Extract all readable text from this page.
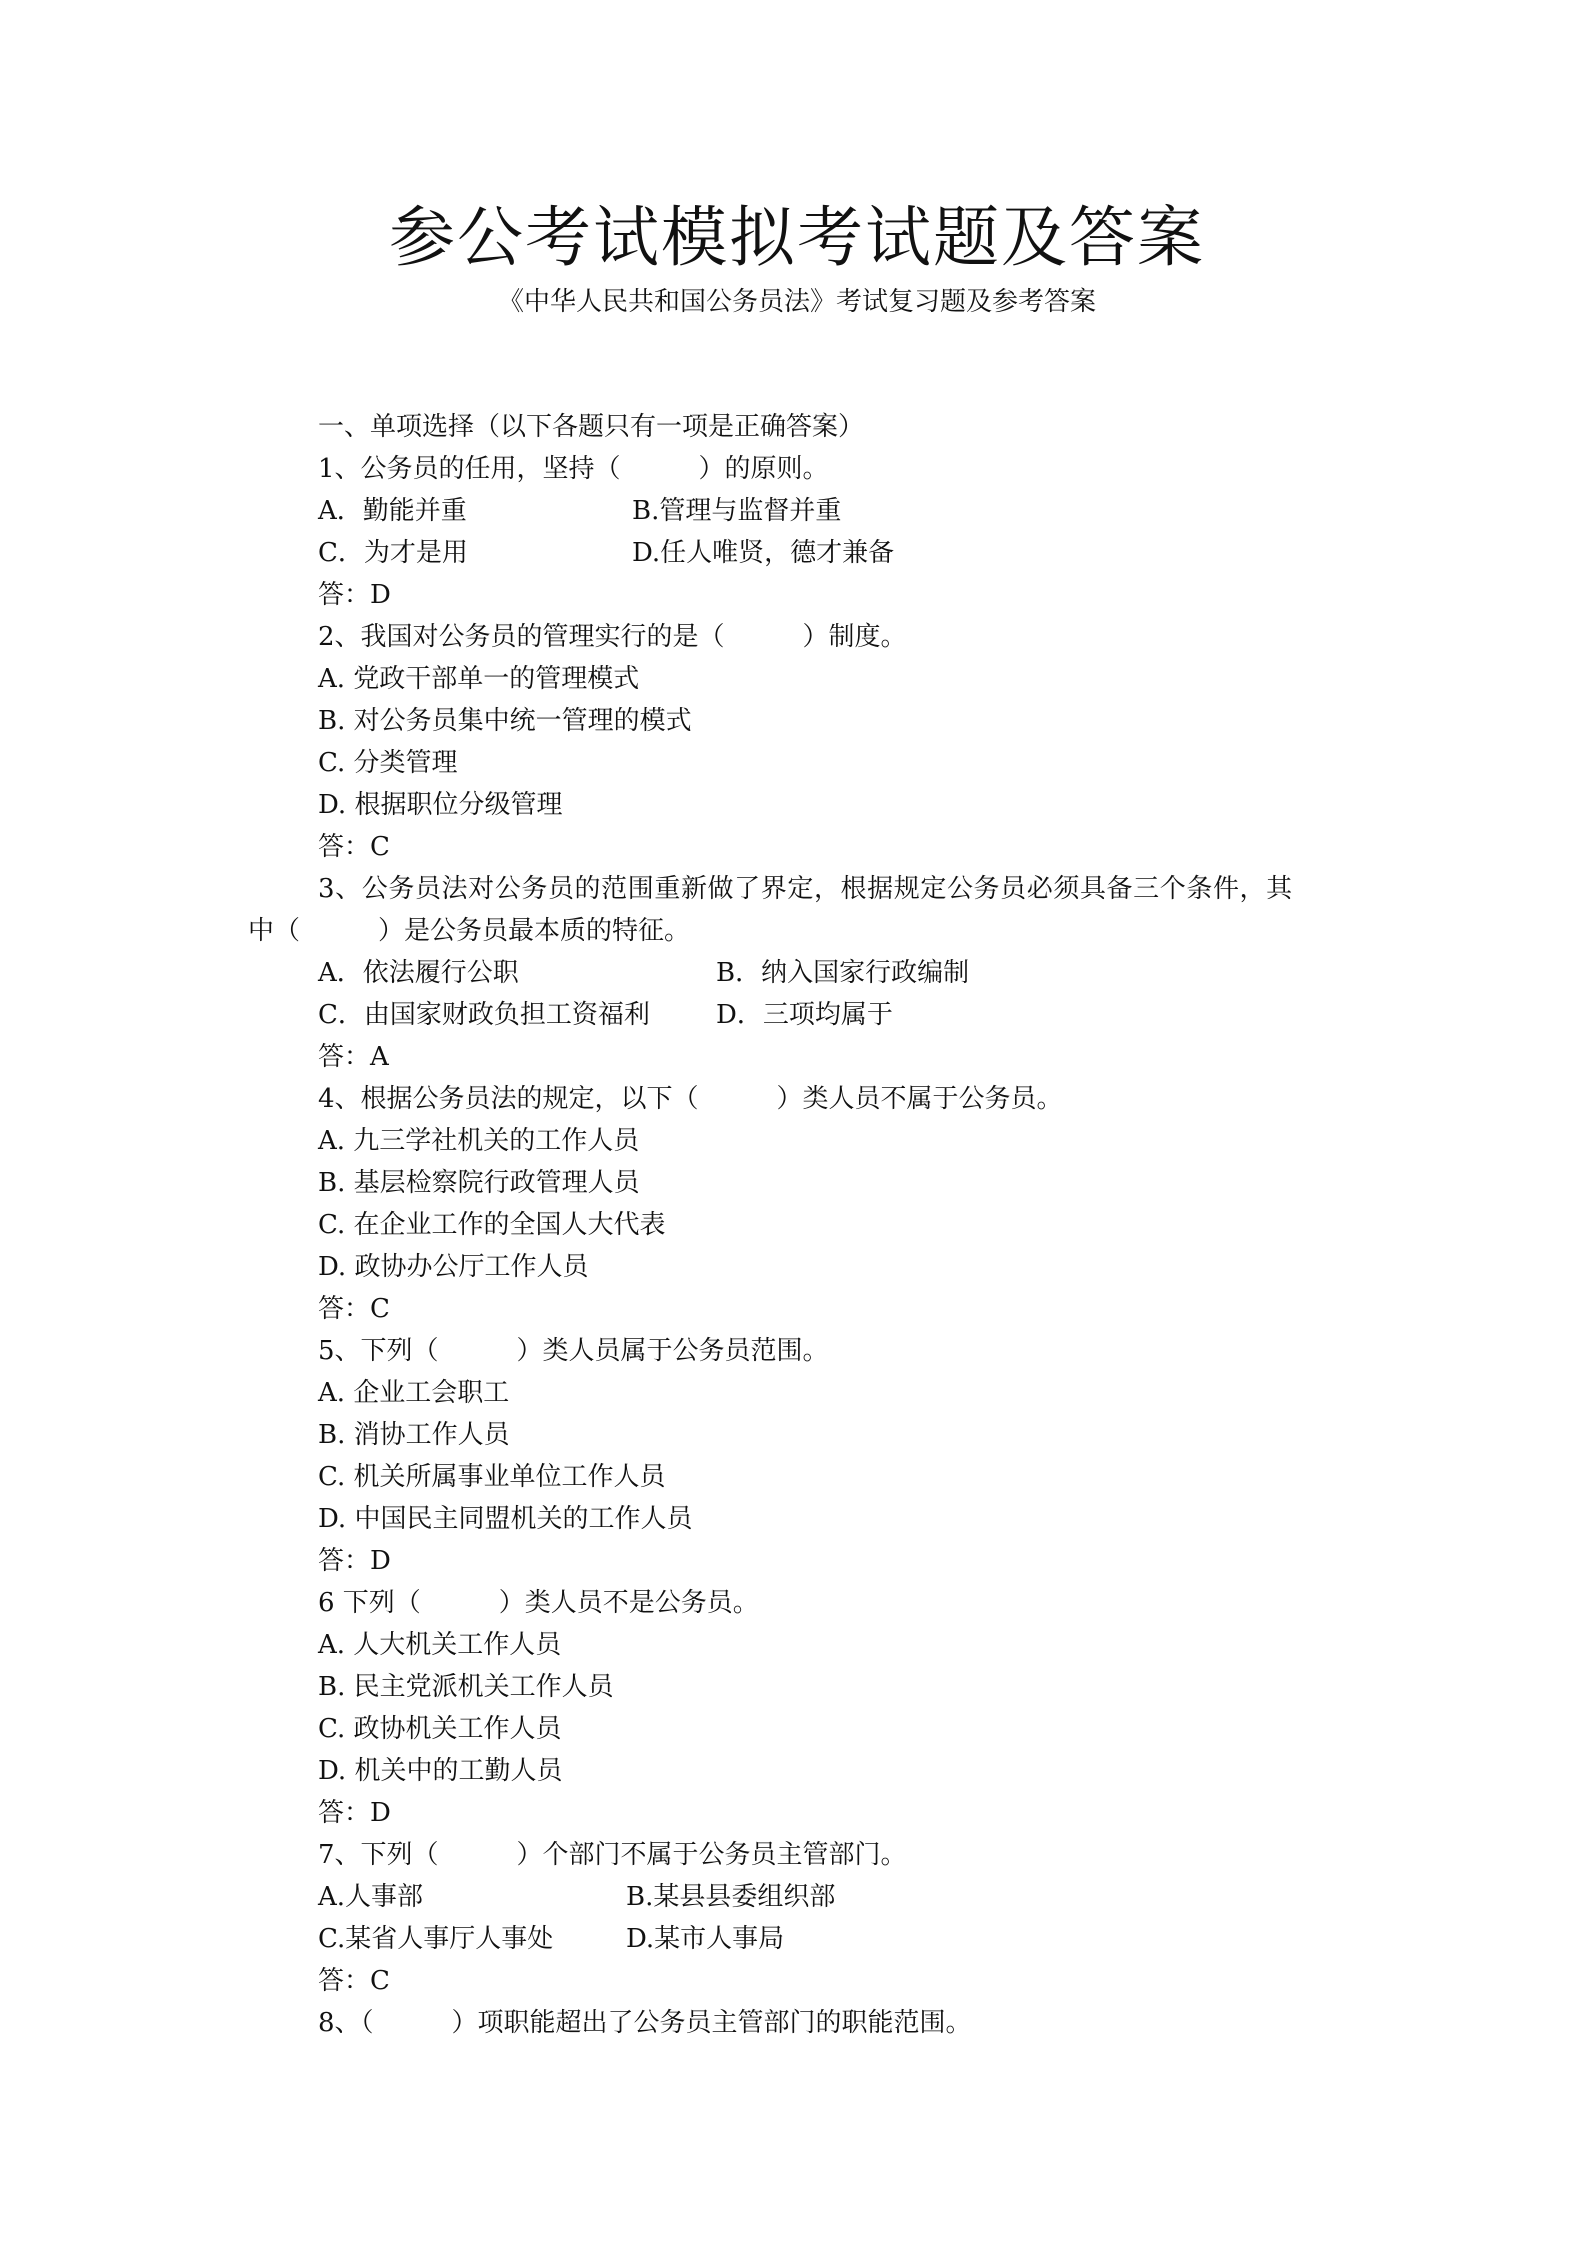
参公考试模拟考试题及答案
《中华人民共和国公务员法》考试复习题及参考答案
一、单项选择（以下各题只有一项是正确答案）
1、公务员的任用，坚持（　　　）的原则。
A．勤能并重	B.管理与监督并重
C．为才是用	D.任人唯贤，德才兼备
答：D
2、我国对公务员的管理实行的是（　　　）制度。
A. 党政干部单一的管理模式
B. 对公务员集中统一管理的模式
C. 分类管理
D. 根据职位分级管理
答：C
3、公务员法对公务员的范围重新做了界定，根据规定公务员必须具备三个条件，其
中（　　　）是公务员最本质的特征。
A．依法履行公职	B．纳入国家行政编制
C．由国家财政负担工资福利	D．三项均属于
答：A
4、根据公务员法的规定，以下（　　　）类人员不属于公务员。
A. 九三学社机关的工作人员
B. 基层检察院行政管理人员
C. 在企业工作的全国人大代表
D. 政协办公厅工作人员
答：C
5、下列（　　　）类人员属于公务员范围。
A. 企业工会职工
B. 消协工作人员
C. 机关所属事业单位工作人员
D. 中国民主同盟机关的工作人员
答：D
6 下列（　　　）类人员不是公务员。
A. 人大机关工作人员
B. 民主党派机关工作人员
C. 政协机关工作人员
D. 机关中的工勤人员
答：D
7、下列（　　　）个部门不属于公务员主管部门。
A.人事部	B.某县县委组织部
C.某省人事厅人事处	D.某市人事局
答：C
8、（　　　）项职能超出了公务员主管部门的职能范围。
